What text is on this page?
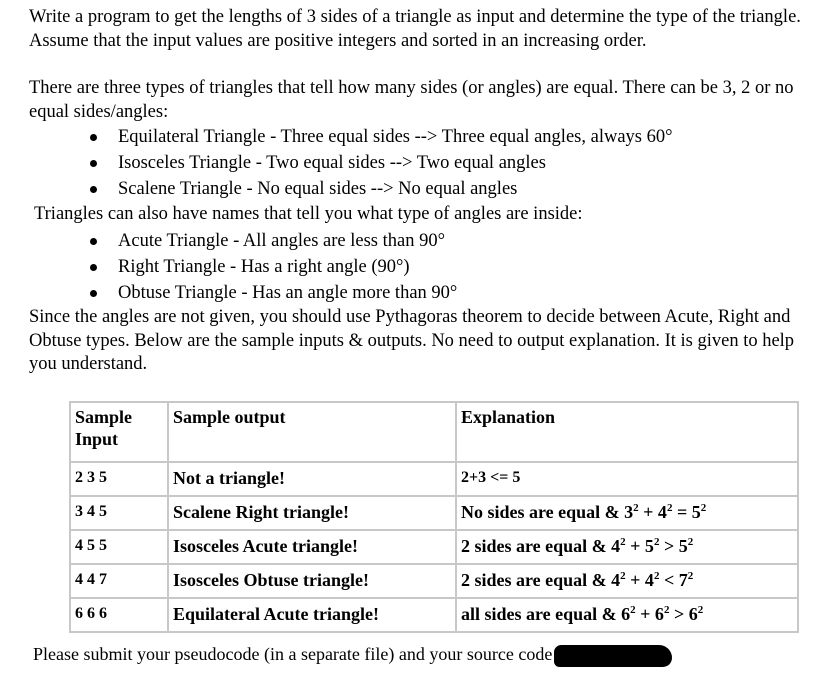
Write a program to get the lengths of 3 sides of a triangle as input and determine the type of the triangle. Assume that the input values are positive integers and sorted in an increasing order.
There are three types of triangles that tell how many sides (or angles) are equal. There can be 3, 2 or no equal sides/angles:
Equilateral Triangle - Three equal sides --> Three equal angles, always 60°
Isosceles Triangle - Two equal sides --> Two equal angles
Scalene Triangle - No equal sides --> No equal angles
Triangles can also have names that tell you what type of angles are inside:
Acute Triangle - All angles are less than 90°
Right Triangle - Has a right angle (90°)
Obtuse Triangle - Has an angle more than 90°
Since the angles are not given, you should use Pythagoras theorem to decide between Acute, Right and Obtuse types. Below are the sample inputs & outputs. No need to output explanation. It is given to help you understand.
Sample Input	Sample output	Explanation
2 3 5	Not a triangle!	2+3 <= 5
3 4 5	Scalene Right triangle!	No sides are equal & $3^2 + 4^2 = 5^2$
4 5 5	Isosceles Acute triangle!	2 sides are equal & $4^2 + 5^2 > 5^2$
4 4 7	Isosceles Obtuse triangle!	2 sides are equal & $4^2 + 4^2 < 7^2$
6 6 6	Equilateral Acute triangle!	all sides are equal & $6^2 + 6^2 > 6^2$
Please submit your pseudocode (in a separate file) and your source code
